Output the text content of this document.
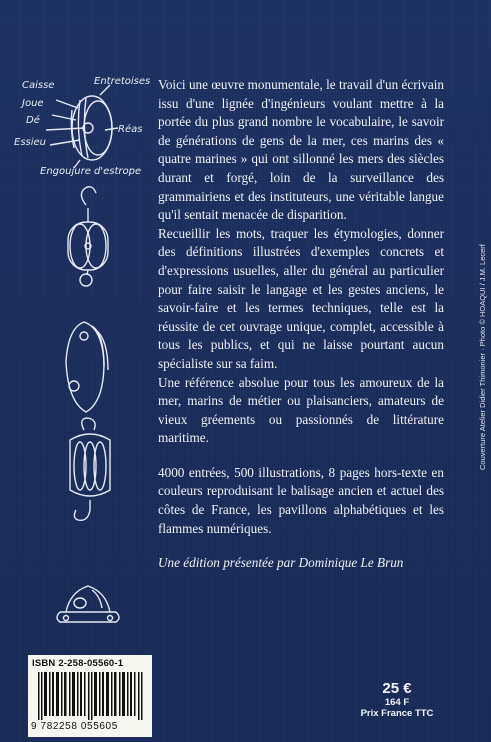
Caisse	Entretoises
Joue
Dé
Réas
Essieu
Engoujure d'estrope

Voici une œuvre monumentale, le travail d'un écrivain issu d'une lignée d'ingénieurs voulant mettre à la portée du plus grand nombre le vocabulaire, le savoir de générations de gens de la mer, ces marins des « quatre marines » qui ont sillonné les mers des siècles durant et forgé, loin de la surveillance des grammairiens et des instituteurs, une véritable langue qu'il sentait menacée de disparition.

Recueillir les mots, traquer les étymologies, donner des définitions illustrées d'exemples concrets et d'expressions usuelles, aller du général au particulier pour faire saisir le langage et les gestes anciens, le savoir-faire et les termes techniques, telle est la réussite de cet ouvrage unique, complet, accessible à tous les publics, et qui ne laisse pourtant aucun spécialiste sur sa faim.

Une référence absolue pour tous les amoureux de la mer, marins de métier ou plaisanciers, amateurs de vieux gréements ou passionnés de littérature maritime.

4000 entrées, 500 illustrations, 8 pages hors-texte en couleurs reproduisant le balisage ancien et actuel des côtes de France, les pavillons alphabétiques et les flammes numériques.

Une édition présentée par Dominique Le Brun

ISBN 2-258-05560-1
9 782258 055605
25 €
164 F
Prix France TTC
Couverture Atelier Didier Thimonier · Photo © HOAQUI / J.M. Lecerf
